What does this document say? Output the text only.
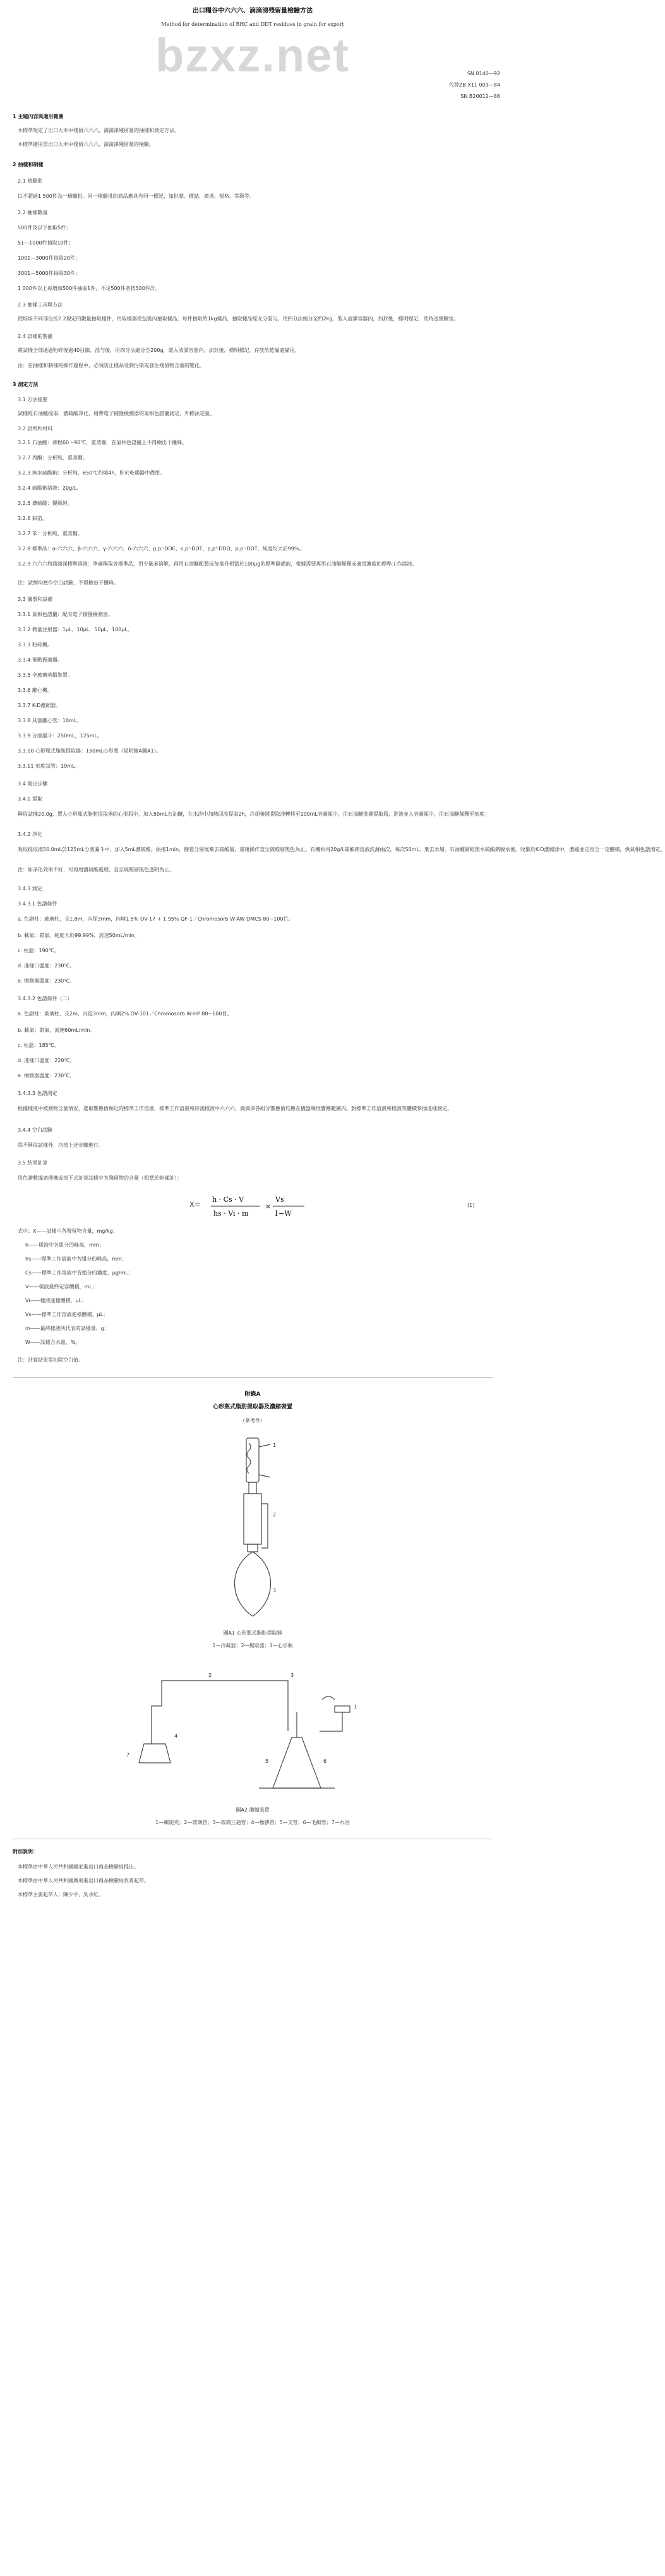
bzxz.net
出口糧谷中六六六、滴滴涕殘留量檢驗方法
Method for determination of BHC and DDT residues in grain for export
SN 0140—92
代替ZB X11 003—84
SN B20012—86
1 主題內容與適用範圍
本標準規定了出口大米中殘留六六六、滴滴涕殘留量的抽樣和測定方法。
本標準適用於出口大米中殘留六六六、滴滴涕殘留量的檢驗。
2 抽樣和制樣
2.1 檢驗批
以不超過1 500件為一檢驗批。同一檢驗批的商品應具有同一標記，如批號、標誌、產地、規格、等級等。
2.2 抽樣數量
500件及以下抽取5件；
51—1000件抽取10件；
1001—3000件抽取20件；
3001—5000件抽取30件；
1 000件以上每增加500件抽取1件，不足500件者按500件計。
2.3 抽樣工具與方法
從堆垛不同部位按2.2規定的數量抽取樣件，用取樣器從包裝內抽取樣品，每件抽取約1kg樣品，抽取樣品經充分混勻，用四分法縮分至約2kg，裝入清潔容器內，加封後，標明標記，及時送實驗室。
2.4 試樣的製備
將試樣全部通過粉碎後過40目篩，混勻後，用四分法縮分至200g，裝入清潔容器內，加封後，標明標記，存放於乾燥處備用。
注：在抽樣和制樣的操作過程中，必須防止樣品受到污染或發生殘留物含量的變化。
3 測定方法
3.1 方法提要
試樣經石油醚提取，濃硫酸凈化，用帶電子捕獲檢測器的氣相色譜儀測定，外標法定量。
3.2 試劑和材料
3.2.1 石油醚：沸程60～90℃，重蒸餾，在氣相色譜儀上不得檢出干擾峰。
3.2.2 丙酮：分析純，重蒸餾。
3.2.3 無水硫酸鈉：分析純，650℃灼燒4h，貯於乾燥器中備用。
3.2.4 硫酸鈉溶液：20g/L。
3.2.5 濃硫酸：優級純。
3.2.6 鋁箔。
3.2.7 苯：分析純，重蒸餾。
3.2.8 標準品：α-六六六、β-六六六、γ-六六六、δ-六六六、p,p'-DDE、o,p'-DDT、p,p'-DDD、p,p'-DDT，純度均大於99%。
3.2.9 六六六和滴滴涕標準溶液：準確稱取各標準品，用少量苯溶解，再用石油醚配製成每毫升相當於100μg的標準儲備液，根據需要再用石油醚稀釋成適當濃度的標準工作溶液。
注：試劑均應作空白試驗，不得檢出干擾峰。
3.3 儀器和設備
3.3.1 氣相色譜儀：配有電子捕獲檢測器。
3.3.2 微量注射器：1μL，10μL，50μL，100μL。
3.3.3 粉碎機。
3.3.4 電動振蕩器。
3.3.5 全玻璃蒸餾裝置。
3.3.6 離心機。
3.3.7 K-D濃縮器。
3.3.8 具塞離心管：10mL。
3.3.9 分液漏斗：250mL，125mL。
3.3.10 心形瓶式脂肪提取器：150mL心形瓶（見附錄A圖A1）。
3.3.11 刻度試管：10mL。
3.4 測定步驟
3.4.1 提取
稱取試樣20.0g，置入心形瓶式脂肪提取器的心形瓶中，加入50mL石油醚，在水浴中加熱回流提取2h，冷卻後將提取液轉移至100mL容量瓶中，用石油醚洗滌提取瓶，洗液並入容量瓶中，用石油醚稀釋至刻度。
3.4.2 凈化
吸取提取液50.0mL於125mL分液漏斗中，加入5mL濃硫酸，振搖1min，靜置分層後棄去硫酸層，重複操作直至硫酸層無色為止。有機相用20g/L硫酸鈉溶液洗滌兩次，每次50mL，棄去水層。石油醚層經無水硫酸鈉脫水後，收集於K-D濃縮器中，濃縮並定容至一定體積，供氣相色譜測定。
注：如凈化效果不好，可再用濃硫酸處理，直至硫酸層無色透明為止。
3.4.3 測定
3.4.3.1 色譜條件
a. 色譜柱：玻璃柱，長1.8m，內徑3mm，內填1.5% OV-17 + 1.95% QF-1／Chromosorb W-AW DMCS 80~100目。
b. 載氣：氮氣，純度大於99.99%，流速50mL/min。
c. 柱溫：190℃。
d. 進樣口溫度：230℃。
e. 檢測器溫度：230℃。
3.4.3.2 色譜條件（二）
a. 色譜柱：玻璃柱，長2m，內徑3mm，內填2% OV-101／Chromosorb W-HP 80~100目。
b. 載氣：氮氣，流速60mL/min。
c. 柱溫：185℃。
d. 進樣口溫度：220℃。
e. 檢測器溫度：230℃。
3.4.3.3 色譜測定
根據樣液中被測物含量情況，選取響應值相近的標準工作溶液，標準工作溶液和待測樣液中六六六、滴滴涕各組分響應值均應在儀器線性響應範圍內。對標準工作溶液和樣液等體積參插進樣測定。
3.4.4 空白試驗
除不稱取試樣外，均按上述步驟進行。
3.5 結果計算
用色譜數據處理機或按下式計算試樣中各殘留物的含量（相當於乾樣計）：
X＝
h · Cs · V
hs · Vi · m
×
Vs
1−W
(1)
式中：X——試樣中各殘留物含量，mg/kg；
h——樣液中各組分的峰高，mm；
hs——標準工作溶液中各組分的峰高，mm；
Cs——標準工作溶液中各組分的濃度，μg/mL；
V——樣液最終定容體積，mL；
Vi——樣液進樣體積，μL；
Vs——標準工作溶液進樣體積，μL；
m——最終樣液所代表的試樣量，g；
W——試樣含水量，%。
注：計算結果需扣除空白值。
附錄A
心形瓶式脂肪提取器及濃縮裝置
（參考件）
1
2
3
圖A1 心形瓶式脂肪提取器
1—冷凝器；2—提取器；3—心形瓶
7
2	3
1
5	6
4
圖A2 濃縮裝置
1—螺旋夾；2—玻璃管；3—玻璃三通管；4—橡膠管；5—支管；6—毛細管；7—水浴
附加說明：
本標準由中華人民共和國國家進出口商品檢驗局提出。
本標準由中華人民共和國廣東進出口商品檢驗局負責起草。
本標準主要起草人：陳少平、吳永紅。
